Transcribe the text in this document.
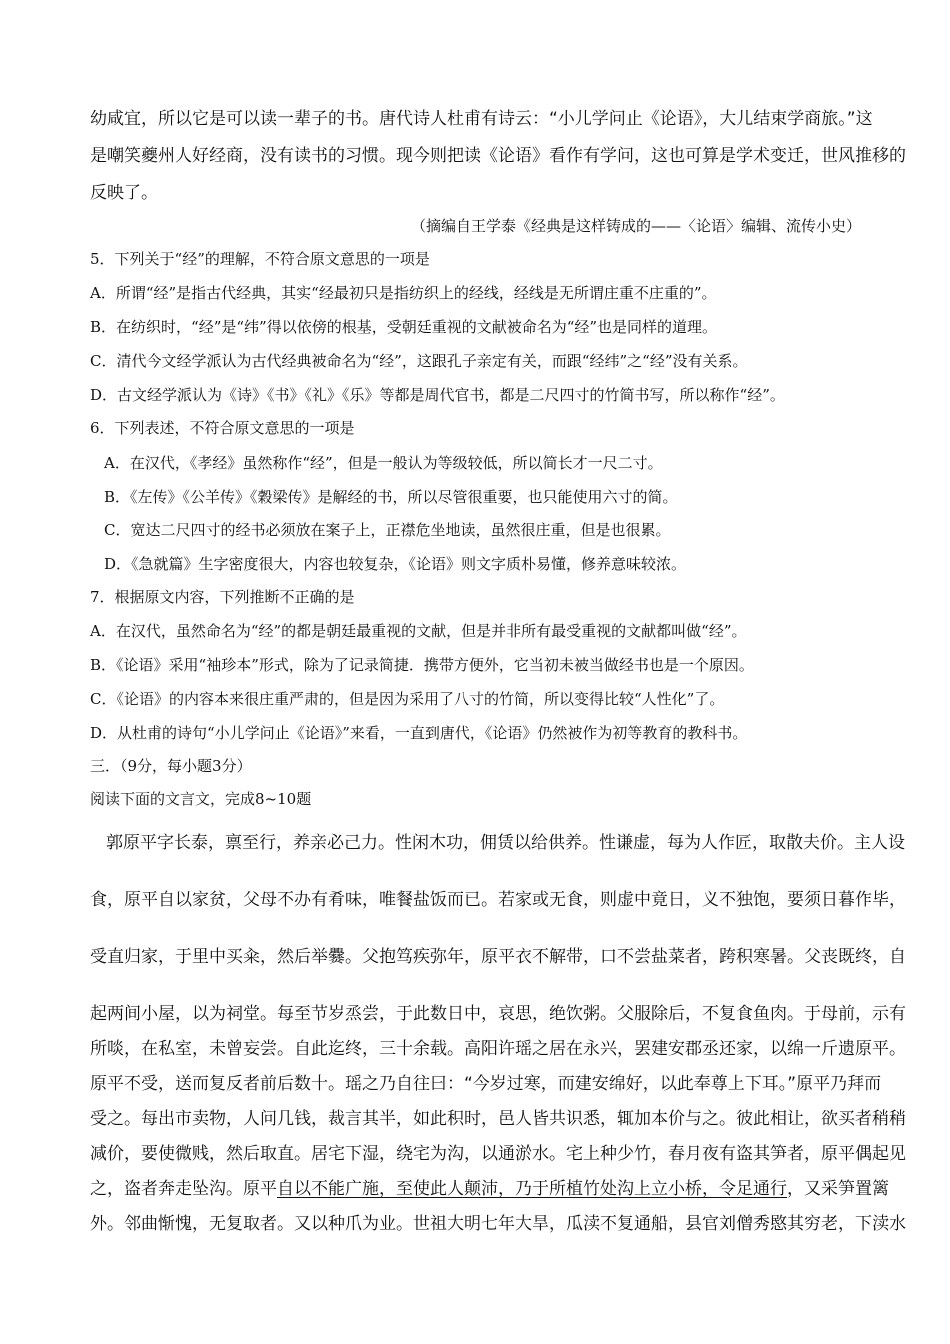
幼咸宜，所以它是可以读一辈子的书。唐代诗人杜甫有诗云：“小儿学问止《论语》，大儿结束学商旅。”这
是嘲笑夔州人好经商，没有读书的习惯。现今则把读《论语》看作有学问，这也可算是学术变迁，世风推移的
反映了。
（摘编自王学泰《经典是这样铸成的——〈论语〉编辑、流传小史）
5．下列关于“经”的理解，不符合原文意思的一项是
A．所谓“经”是指古代经典，其实“经最初只是指纺织上的经线，经线是无所谓庄重不庄重的”。
B．在纺织时，“经”是“纬”得以依傍的根基，受朝廷重视的文献被命名为“经”也是同样的道理。
C．清代今文经学派认为古代经典被命名为“经”，这跟孔子亲定有关，而跟“经纬”之“经”没有关系。
D．古文经学派认为《诗》《书》《礼》《乐》等都是周代官书，都是二尺四寸的竹简书写，所以称作“经”。
6．下列表述，不符合原文意思的一项是
A．在汉代，《孝经》虽然称作“经”，但是一般认为等级较低，所以简长才一尺二寸。
B．《左传》《公羊传》《穀梁传》是解经的书，所以尽管很重要，也只能使用六寸的简。
C．宽达二尺四寸的经书必须放在案子上，正襟危坐地读，虽然很庄重，但是也很累。
D．《急就篇》生字密度很大，内容也较复杂，《论语》则文字质朴易懂，修养意味较浓。
7．根据原文内容，下列推断不正确的是
A．在汉代，虽然命名为“经”的都是朝廷最重视的文献，但是并非所有最受重视的文献都叫做“经”。
B．《论语》采用“袖珍本”形式，除为了记录简捷．携带方便外，它当初未被当做经书也是一个原因。
C．《论语》的内容本来很庄重严肃的，但是因为采用了八寸的竹简，所以变得比较“人性化”了。
D．从杜甫的诗句“小儿学问止《论语》”来看，一直到唐代，《论语》仍然被作为初等教育的教科书。
三．（9分，每小题3分）
阅读下面的文言文，完成8~10题
郭原平字长泰，禀至行，养亲必己力。性闲木功，佣赁以给供养。性谦虚，每为人作匠，取散夫价。主人设
食，原平自以家贫，父母不办有肴味，唯餐盐饭而已。若家或无食，则虚中竟日，义不独饱，要须日暮作毕，
受直归家，于里中买籴，然后举爨。父抱笃疾弥年，原平衣不解带，口不尝盐菜者，跨积寒暑。父丧既终，自
起两间小屋，以为祠堂。每至节岁烝尝，于此数日中，哀思，绝饮粥。父服除后，不复食鱼肉。于母前，示有
所啖，在私室，未曾妄尝。自此迄终，三十余载。高阳许瑶之居在永兴，罢建安郡丞还家，以绵一斤遗原平。
原平不受，送而复反者前后数十。瑶之乃自往曰：“今岁过寒，而建安绵好，以此奉尊上下耳。”原平乃拜而
受之。每出市卖物，人问几钱，裁言其半，如此积时，邑人皆共识悉，辄加本价与之。彼此相让，欲买者稍稍
减价，要使微贱，然后取直。居宅下湿，绕宅为沟，以通淤水。宅上种少竹，春月夜有盗其笋者，原平偶起见
之，盗者奔走坠沟。原平自以不能广施，至使此人颠沛，乃于所植竹处沟上立小桥，令足通行，又采笋置篱
外。邻曲惭愧，无复取者。又以种爪为业。世祖大明七年大旱，瓜渎不复通船，县官刘僧秀愍其穷老，下渎水
